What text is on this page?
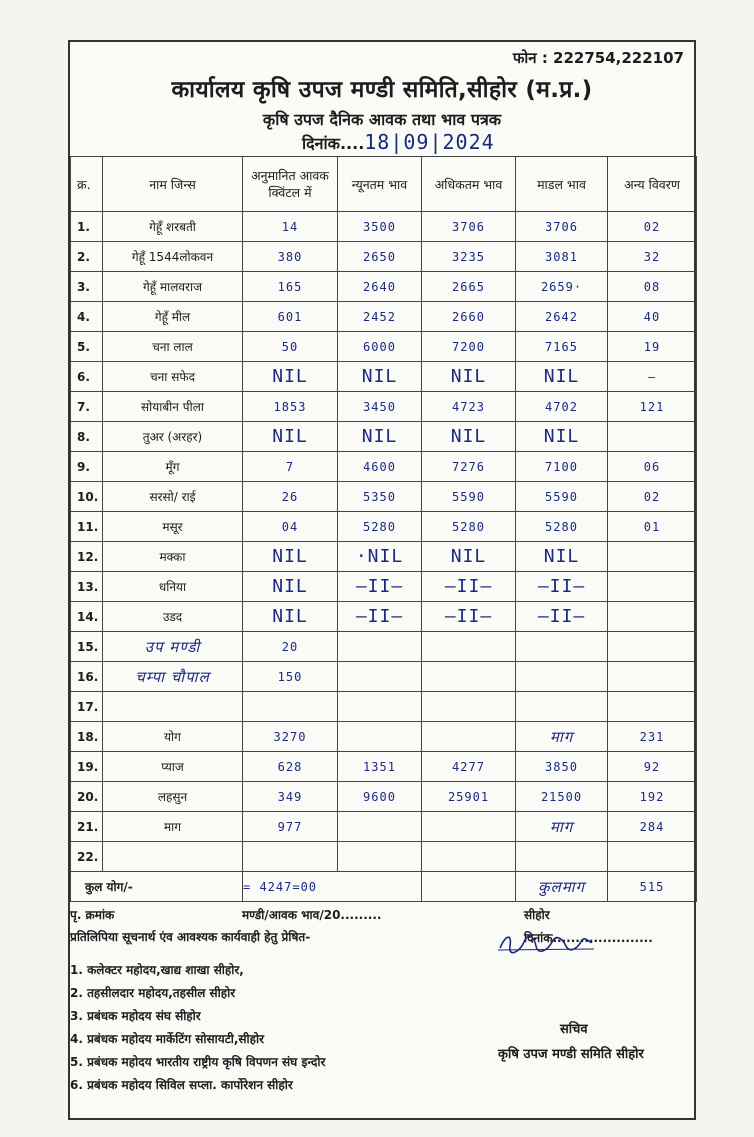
फोन : 222754,222107
कार्यालय कृषि उपज मण्डी समिति,सीहोर (म.प्र.)
कृषि उपज दैनिक आवक तथा भाव पत्रक
दिनांक....18|09|2024
क्र.	नाम जिन्स	अनुमानित आवक क्विंटल में	न्यूनतम भाव	अधिकतम भाव	माडल भाव	अन्य विवरण
1.	गेहूँ शरबती	14	3500	3706	3706	02
2.	गेहूँ 1544लोकवन	380	2650	3235	3081	32
3.	गेहूँ मालवराज	165	2640	2665	2659·	08
4.	गेहूँ मील	601	2452	2660	2642	40
5.	चना लाल	50	6000	7200	7165	19
6.	चना सफेद	NIL	NIL	NIL	NIL	—
7.	सोयाबीन पीला	1853	3450	4723	4702	121
8.	तुअर (अरहर)	NIL	NIL	NIL	NIL	
9.	मूँग	7	4600	7276	7100	06
10.	सरसो/ राई	26	5350	5590	5590	02
11.	मसूर	04	5280	5280	5280	01
12.	मक्का	NIL	·NIL	NIL	NIL	
13.	धनिया	NIL	—II—	—II—	—II—	
14.	उडद	NIL	—II—	—II—	—II—	
15.	उप मण्डी	20				
16.	चम्पा चौपाल	150				
17.						
18.	योग	3270			माग	231
19.	प्याज	628	1351	4277	3850	92
20.	लहसुन	349	9600	25901	21500	192
21.	माग	977			माग	284
22.						
कुल योग/-		= 4247=00			कुलमाग	515
पृ. क्रमांक	मण्डी/आवक भाव/20.........	सीहोर दिनांक......................
प्रतिलिपिया सूचनार्थ एंव आवश्यक कार्यवाही हेतु प्रेषित-
1. कलेक्टर महोदय,खाद्य शाखा सीहोर,
2. तहसीलदार महोदय,तहसील सीहोर
3. प्रबंधक महोदय संघ सीहोर
4. प्रबंधक महोदय मार्केटिंग सोसायटी,सीहोर
5. प्रबंधक महोदय भारतीय राष्ट्रीय कृषि विपणन संघ इन्दोर
6. प्रबंधक महोदय सिविल सप्ला. कार्पोरेशन सीहोर
सचिव
कृषि उपज मण्डी समिति सीहोर
